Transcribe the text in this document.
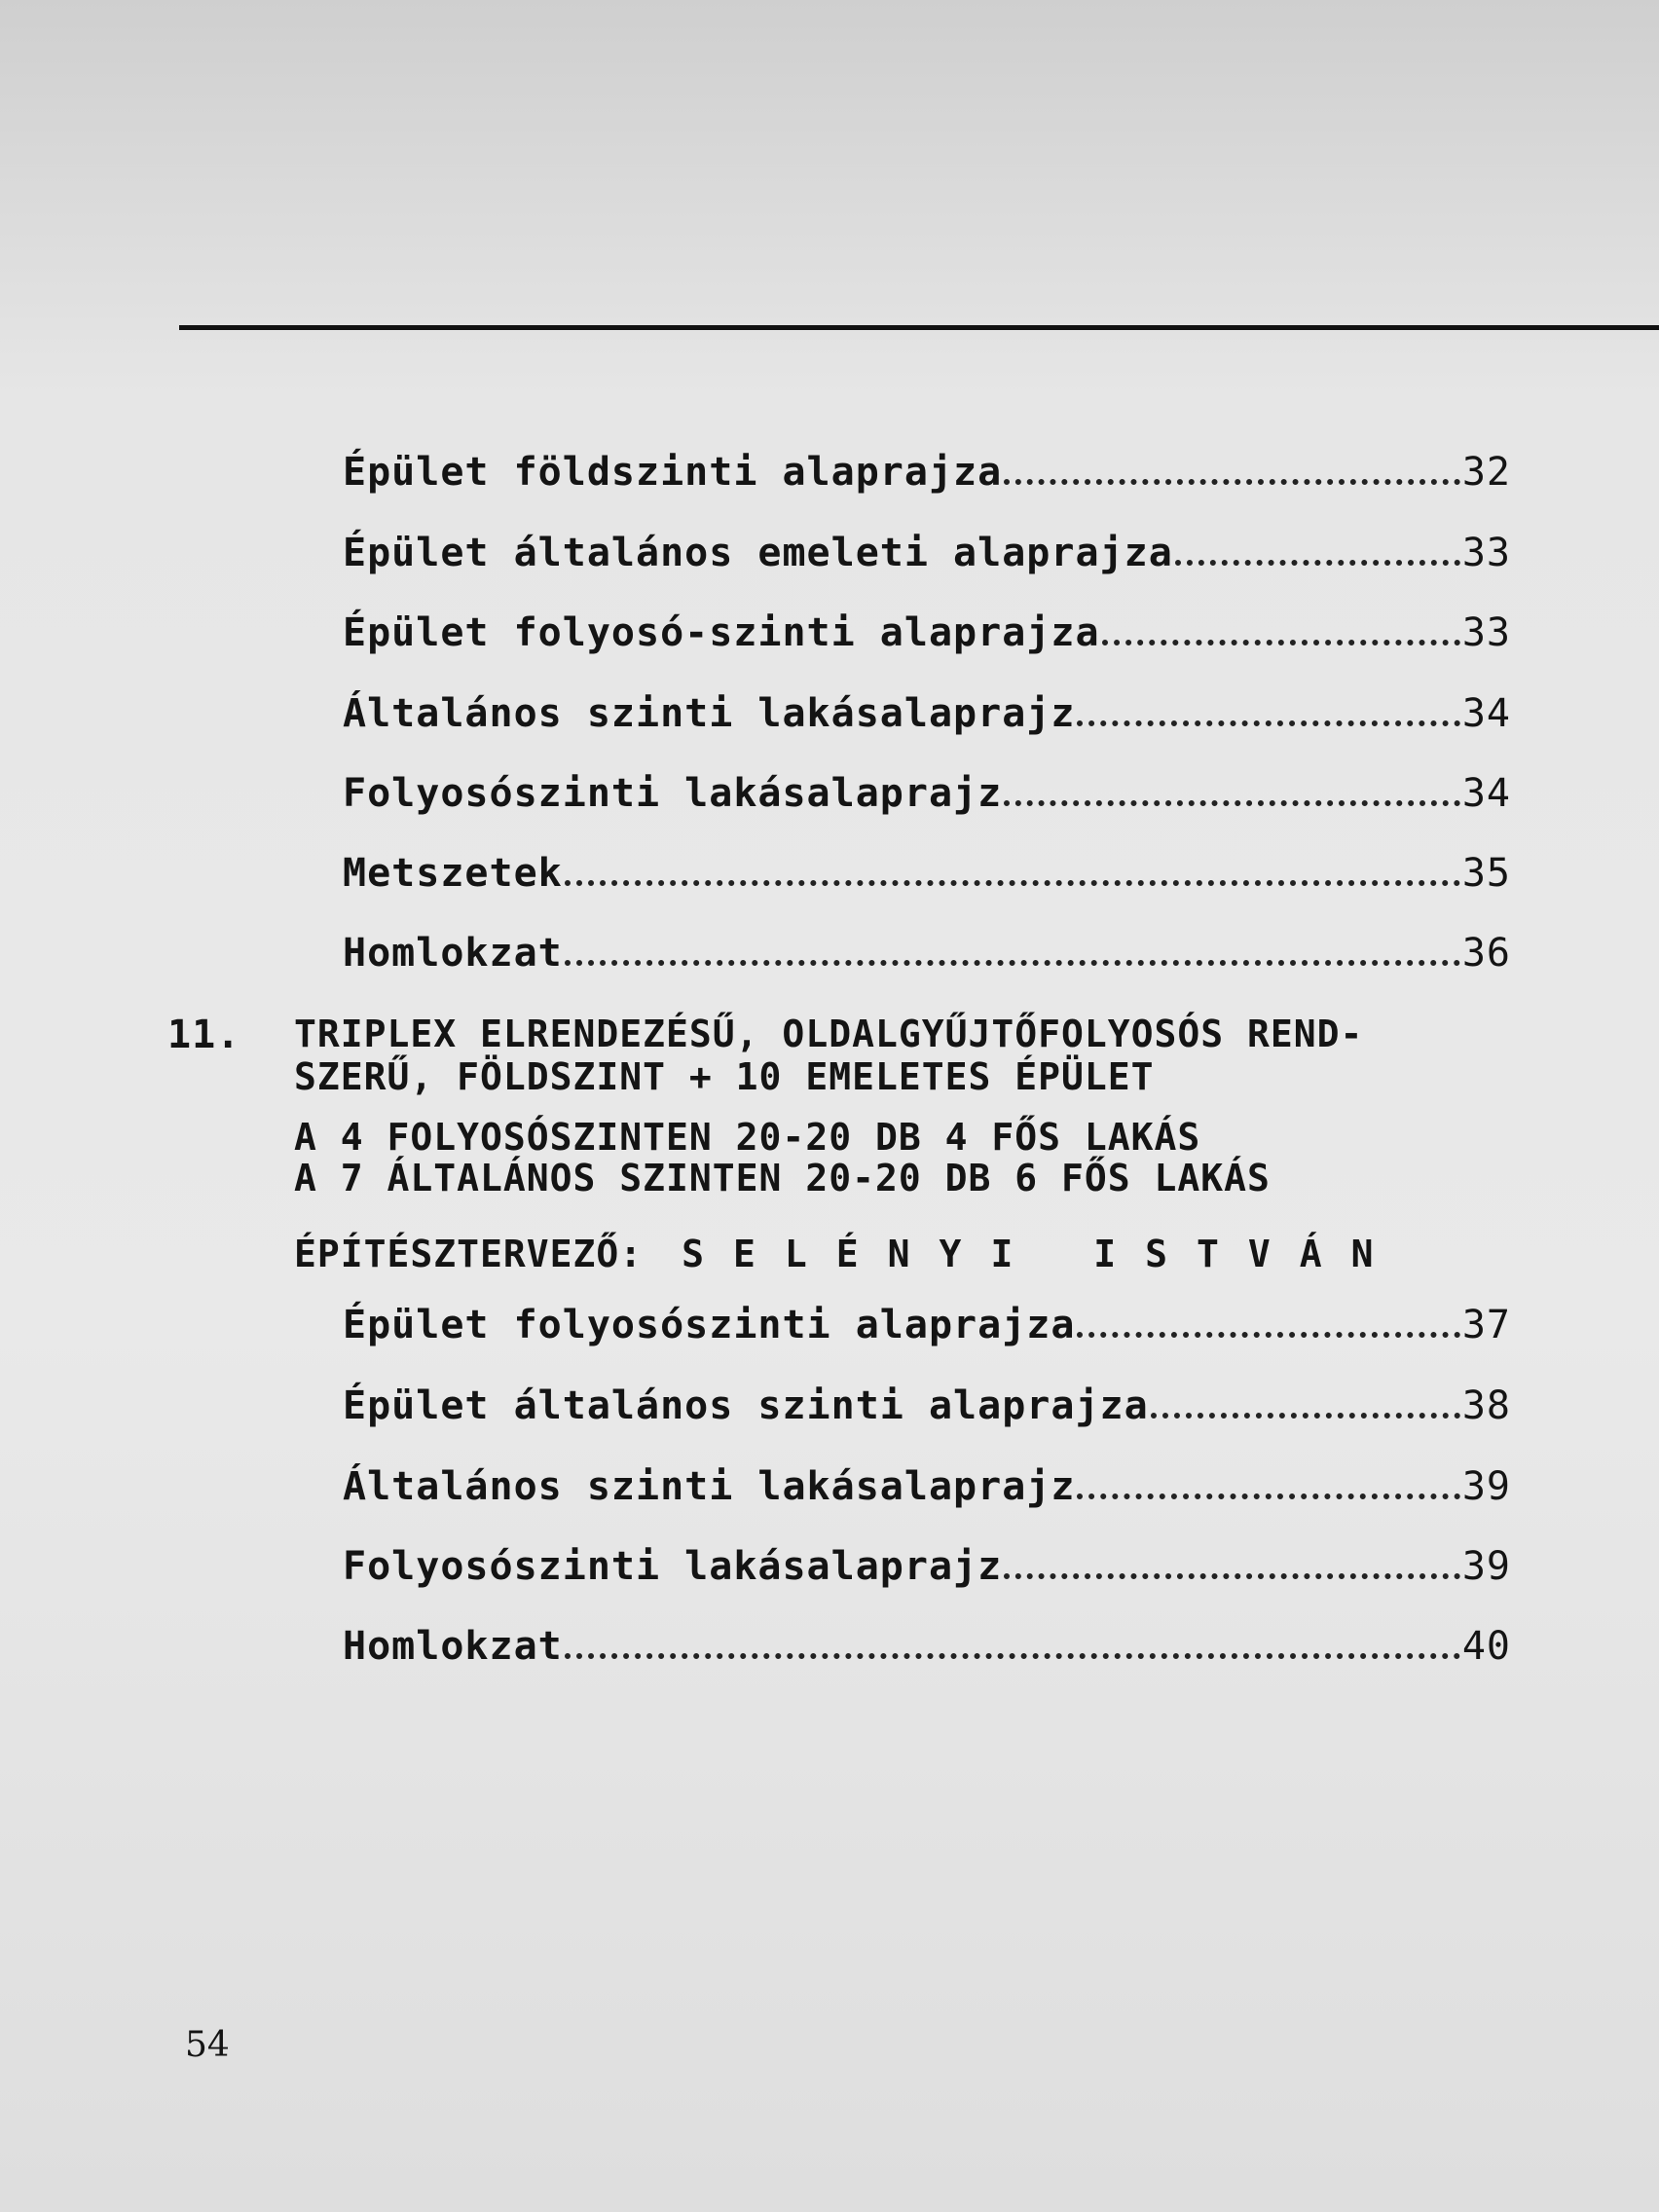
Épület földszinti alaprajza	32
Épület általános emeleti alaprajza	33
Épület folyosó-szinti alaprajza	33
Általános szinti lakásalaprajz	34
Folyosószinti lakásalaprajz	34
Metszetek	35
Homlokzat	36
11. TRIPLEX ELRENDEZÉSŰ, OLDALGYŰJTŐFOLYOSÓS REND-
SZERŰ, FÖLDSZINT + 10 EMELETES ÉPÜLET
A 4 FOLYOSÓSZINTEN 20-20 DB 4 FŐS LAKÁS
A 7 ÁLTALÁNOS SZINTEN 20-20 DB 6 FŐS LAKÁS
ÉPÍTÉSZTERVEZŐ: SELÉNYI ISTVÁN
Épület folyosószinti alaprajza	37
Épület általános szinti alaprajza	38
Általános szinti lakásalaprajz	39
Folyosószinti lakásalaprajz	39
Homlokzat	40
54
